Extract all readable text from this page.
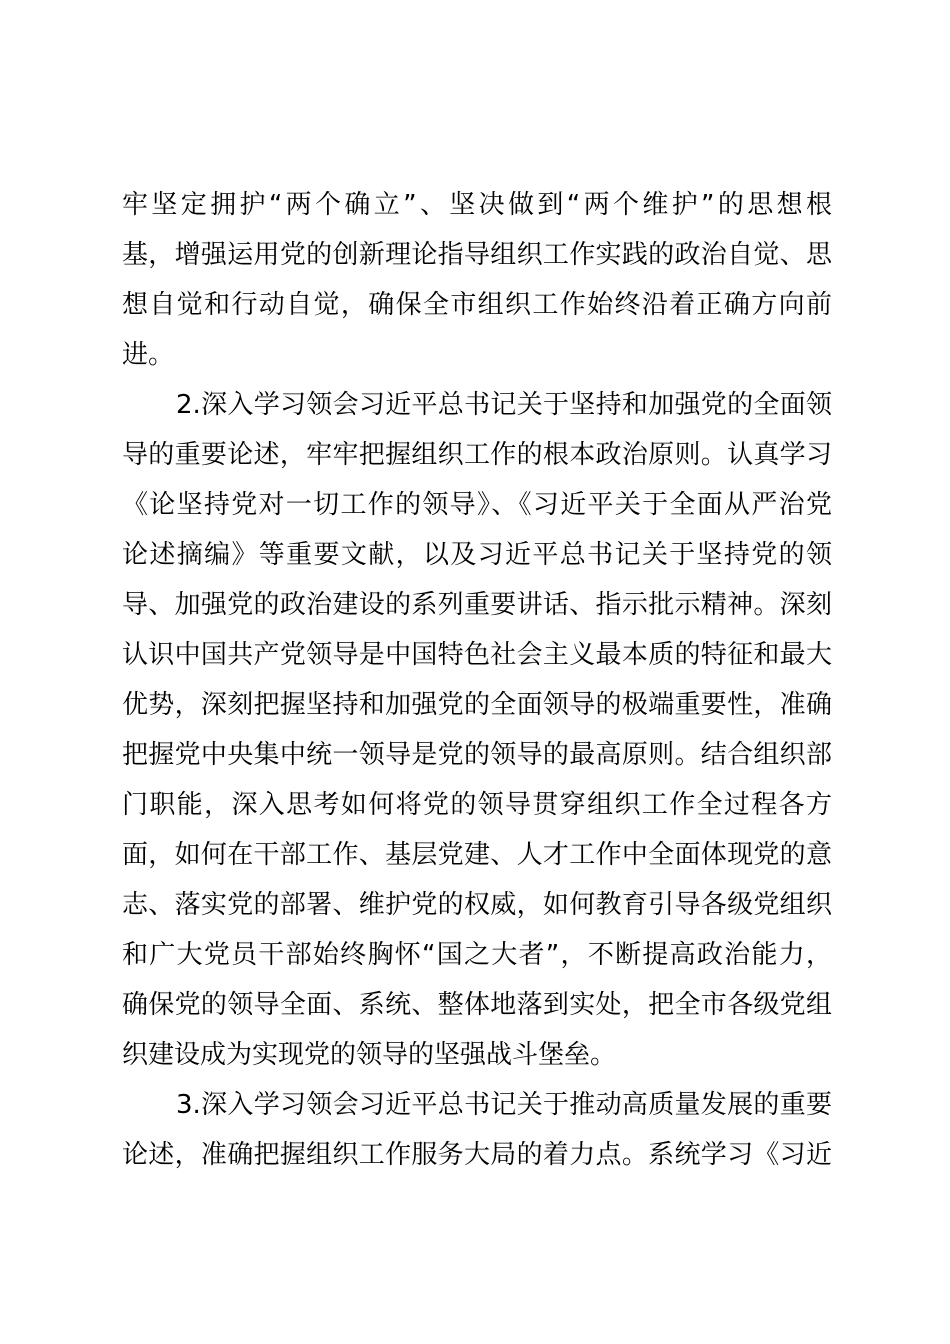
牢坚定拥护“两个确立”、坚决做到“两个维护”的思想根
基，增强运用党的创新理论指导组织工作实践的政治自觉、思
想自觉和行动自觉，确保全市组织工作始终沿着正确方向前
进。
2.深入学习领会习近平总书记关于坚持和加强党的全面领
导的重要论述，牢牢把握组织工作的根本政治原则。认真学习
《论坚持党对一切工作的领导》、《习近平关于全面从严治党
论述摘编》等重要文献，以及习近平总书记关于坚持党的领
导、加强党的政治建设的系列重要讲话、指示批示精神。深刻
认识中国共产党领导是中国特色社会主义最本质的特征和最大
优势，深刻把握坚持和加强党的全面领导的极端重要性，准确
把握党中央集中统一领导是党的领导的最高原则。结合组织部
门职能，深入思考如何将党的领导贯穿组织工作全过程各方
面，如何在干部工作、基层党建、人才工作中全面体现党的意
志、落实党的部署、维护党的权威，如何教育引导各级党组织
和广大党员干部始终胸怀“国之大者”，不断提高政治能力，
确保党的领导全面、系统、整体地落到实处，把全市各级党组
织建设成为实现党的领导的坚强战斗堡垒。
3.深入学习领会习近平总书记关于推动高质量发展的重要
论述，准确把握组织工作服务大局的着力点。系统学习《习近
